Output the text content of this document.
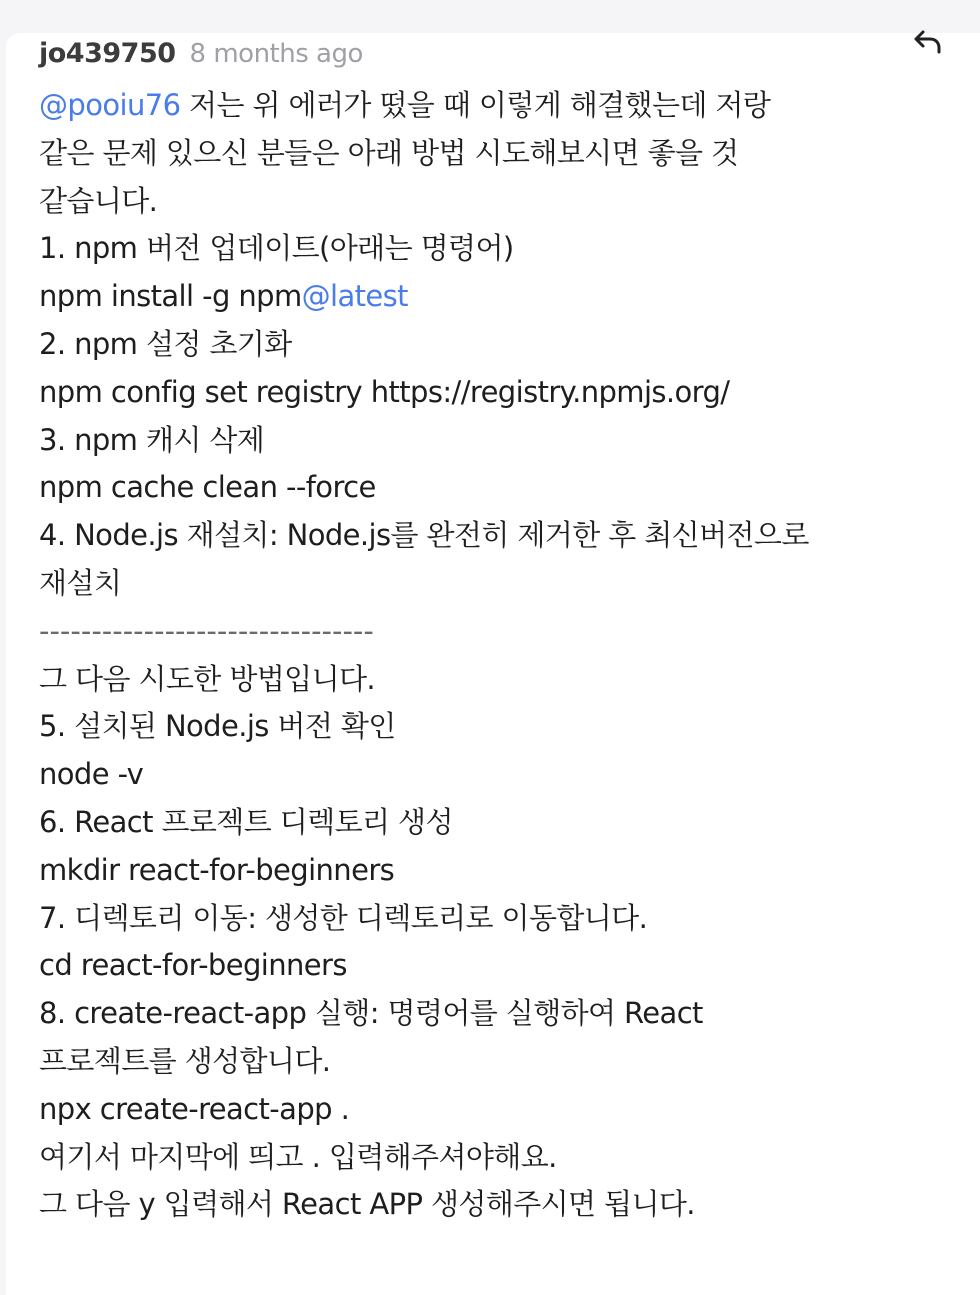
jo439750 8 months ago
@pooiu76 저는 위 에러가 떴을 때 이렇게 해결했는데 저랑
같은 문제 있으신 분들은 아래 방법 시도해보시면 좋을 것
같습니다.
1. npm 버전 업데이트(아래는 명령어)
npm install -g npm@latest
2. npm 설정 초기화
npm config set registry https://registry.npmjs.org/
3. npm 캐시 삭제
npm cache clean --force
4. Node.js 재설치: Node.js를 완전히 제거한 후 최신버전으로
재설치
--------------------------------
그 다음 시도한 방법입니다.
5. 설치된 Node.js 버전 확인
node -v
6. React 프로젝트 디렉토리 생성
mkdir react-for-beginners
7. 디렉토리 이동: 생성한 디렉토리로 이동합니다.
cd react-for-beginners
8. create-react-app 실행: 명령어를 실행하여 React
프로젝트를 생성합니다.
npx create-react-app .
여기서 마지막에 띄고 . 입력해주셔야해요.
그 다음 y 입력해서 React APP 생성해주시면 됩니다.
